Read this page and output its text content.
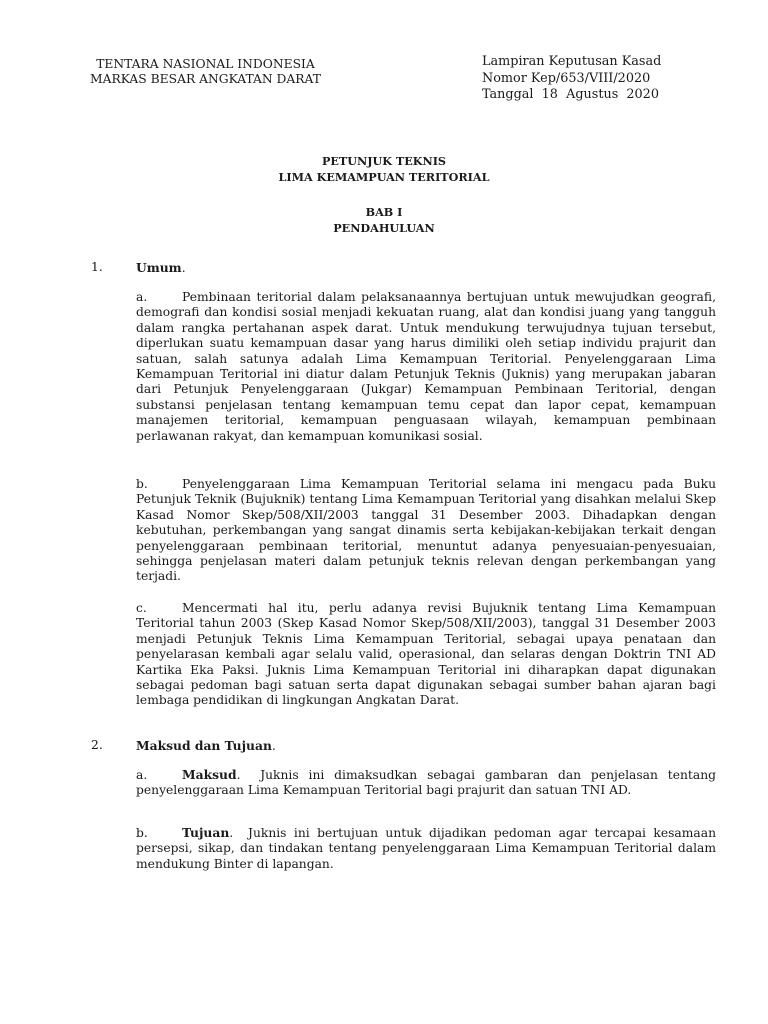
TENTARA NASIONAL INDONESIA
MARKAS BESAR ANGKATAN DARAT
Lampiran Keputusan Kasad
Nomor Kep/653/VIII/2020
Tanggal  18  Agustus  2020
PETUNJUK TEKNIS
LIMA KEMAMPUAN TERITORIAL
BAB I
PENDAHULUAN
1.	Umum.
a.	Pembinaan teritorial dalam pelaksanaannya bertujuan untuk mewujudkan geografi, demografi dan kondisi sosial menjadi kekuatan ruang, alat dan kondisi juang yang tangguh dalam rangka pertahanan aspek darat. Untuk mendukung terwujudnya tujuan tersebut, diperlukan suatu kemampuan dasar yang harus dimiliki oleh setiap individu prajurit dan satuan, salah satunya adalah Lima Kemampuan Teritorial. Penyelenggaraan Lima Kemampuan Teritorial ini diatur dalam Petunjuk Teknis (Juknis) yang merupakan jabaran dari Petunjuk Penyelenggaraan (Jukgar) Kemampuan Pembinaan Teritorial, dengan substansi penjelasan tentang kemampuan temu cepat dan lapor cepat, kemampuan manajemen teritorial, kemampuan penguasaan wilayah, kemampuan pembinaan perlawanan rakyat, dan kemampuan komunikasi sosial.
b.	Penyelenggaraan Lima Kemampuan Teritorial selama ini mengacu pada Buku Petunjuk Teknik (Bujuknik) tentang Lima Kemampuan Teritorial yang disahkan melalui Skep Kasad Nomor Skep/508/XII/2003 tanggal 31 Desember 2003. Dihadapkan dengan kebutuhan, perkembangan yang sangat dinamis serta kebijakan-kebijakan terkait dengan penyelenggaraan pembinaan teritorial, menuntut adanya penyesuaian-penyesuaian, sehingga penjelasan materi dalam petunjuk teknis relevan dengan perkembangan yang terjadi.
c.	Mencermati hal itu, perlu adanya revisi Bujuknik tentang Lima Kemampuan Teritorial tahun 2003 (Skep Kasad Nomor Skep/508/XII/2003), tanggal 31 Desember 2003 menjadi Petunjuk Teknis Lima Kemampuan Teritorial, sebagai upaya penataan dan penyelarasan kembali agar selalu valid, operasional, dan selaras dengan Doktrin TNI AD Kartika Eka Paksi. Juknis Lima Kemampuan Teritorial ini diharapkan dapat digunakan sebagai pedoman bagi satuan serta dapat digunakan sebagai sumber bahan ajaran bagi lembaga pendidikan di lingkungan Angkatan Darat.
2.	Maksud dan Tujuan.
a.	Maksud.  Juknis ini dimaksudkan sebagai gambaran dan penjelasan tentang penyelenggaraan Lima Kemampuan Teritorial bagi prajurit dan satuan TNI AD.
b.	Tujuan.  Juknis ini bertujuan untuk dijadikan pedoman agar tercapai kesamaan persepsi, sikap, dan tindakan tentang penyelenggaraan Lima Kemampuan Teritorial dalam mendukung Binter di lapangan.
